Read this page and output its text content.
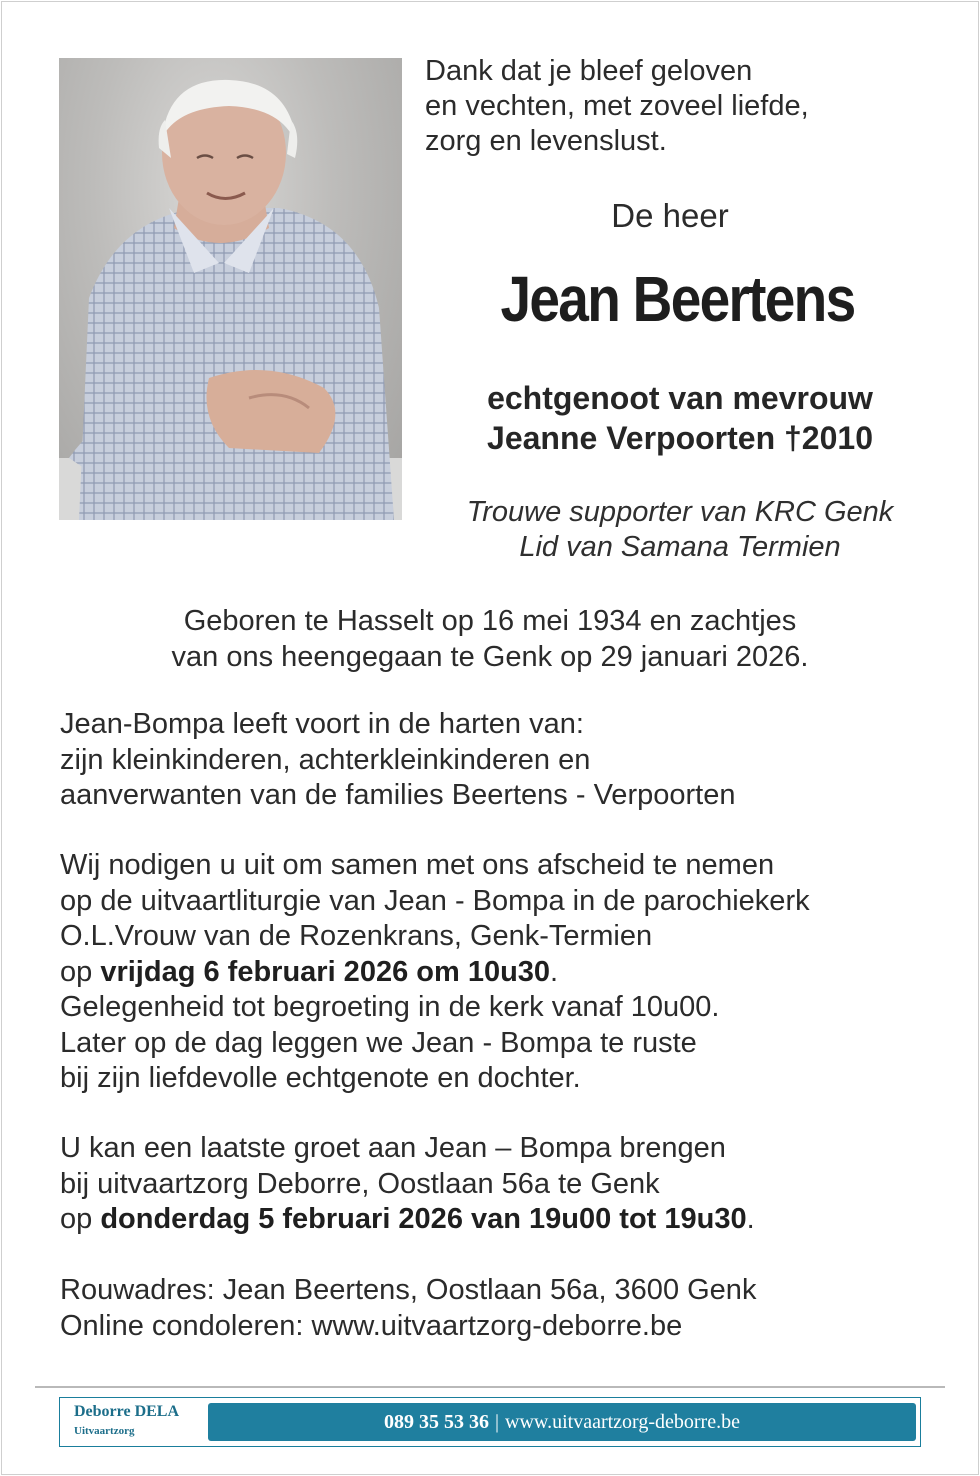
Dank dat je bleef geloven
en vechten, met zoveel liefde,
zorg en levenslust.
De heer
Jean Beertens
echtgenoot van mevrouw
Jeanne Verpoorten †2010
Trouwe supporter van KRC Genk
Lid van Samana Termien
Geboren te Hasselt op 16 mei 1934 en zachtjes
van ons heengegaan te Genk op 29 januari 2026.
Jean-Bompa leeft voort in de harten van:
zijn kleinkinderen, achterkleinkinderen en
aanverwanten van de families Beertens - Verpoorten
Wij nodigen u uit om samen met ons afscheid te nemen
op de uitvaartliturgie van Jean - Bompa in de parochiekerk
O.L.Vrouw van de Rozenkrans, Genk-Termien
op vrijdag 6 februari 2026 om 10u30.
Gelegenheid tot begroeting in de kerk vanaf 10u00.
Later op de dag leggen we Jean - Bompa te ruste
bij zijn liefdevolle echtgenote en dochter.
U kan een laatste groet aan Jean – Bompa brengen
bij uitvaartzorg Deborre, Oostlaan 56a te Genk
op donderdag 5 februari 2026 van 19u00 tot 19u30.
Rouwadres: Jean Beertens, Oostlaan 56a, 3600 Genk
Online condoleren: www.uitvaartzorg-deborre.be
Deborre DELA
Uitvaartzorg	089 35 53 36 | www.uitvaartzorg-deborre.be
